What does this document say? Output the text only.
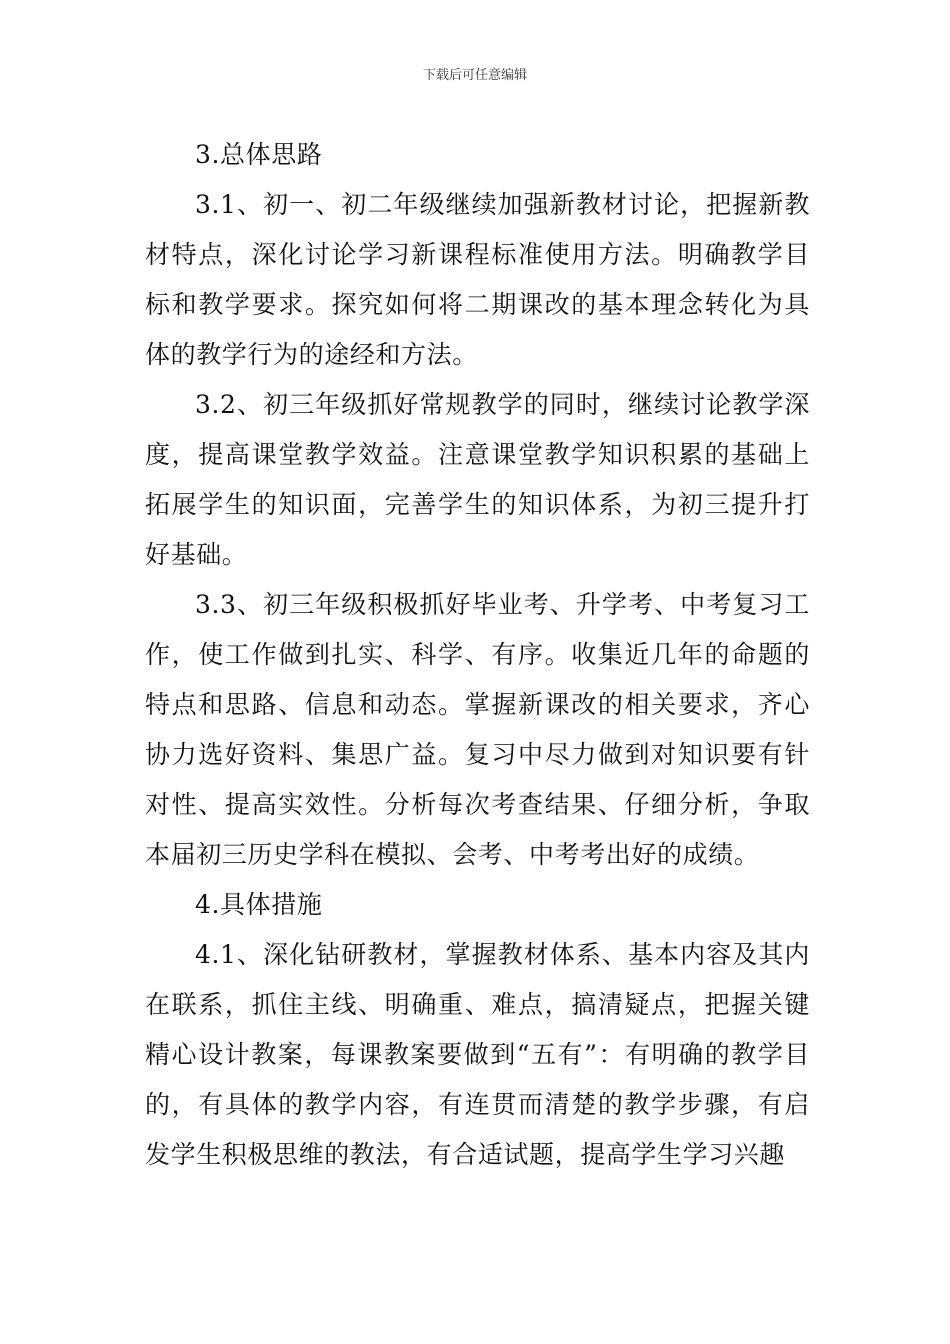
下载后可任意编辑

3.总体思路

3.1、初一、初二年级继续加强新教材讨论，把握新教材特点，深化讨论学习新课程标准使用方法。明确教学目标和教学要求。探究如何将二期课改的基本理念转化为具体的教学行为的途经和方法。

3.2、初三年级抓好常规教学的同时，继续讨论教学深度，提高课堂教学效益。注意课堂教学知识积累的基础上拓展学生的知识面，完善学生的知识体系，为初三提升打好基础。

3.3、初三年级积极抓好毕业考、升学考、中考复习工作，使工作做到扎实、科学、有序。收集近几年的命题的特点和思路、信息和动态。掌握新课改的相关要求，齐心协力选好资料、集思广益。复习中尽力做到对知识要有针对性、提高实效性。分析每次考查结果、仔细分析，争取本届初三历史学科在模拟、会考、中考考出好的成绩。

4.具体措施

4.1、深化钻研教材，掌握教材体系、基本内容及其内在联系，抓住主线、明确重、难点，搞清疑点，把握关键精心设计教案，每课教案要做到“五有”：有明确的教学目的，有具体的教学内容，有连贯而清楚的教学步骤，有启发学生积极思维的教法，有合适试题，提高学生学习兴趣
